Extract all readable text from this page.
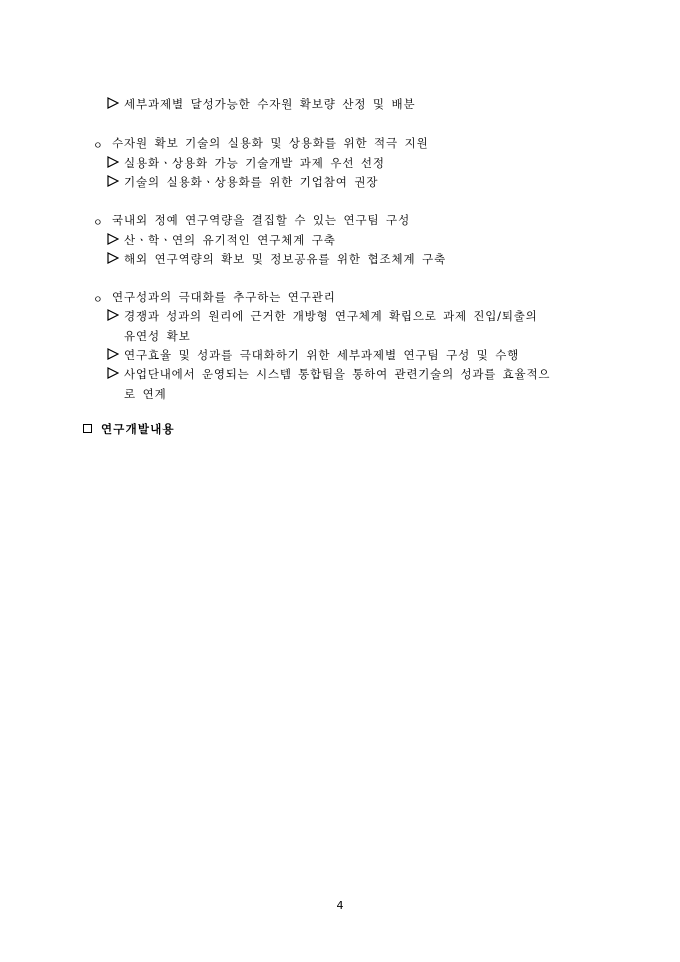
세부과제별 달성가능한 수자원 확보량 산정 및 배분
ㅇ 수자원 확보 기술의 실용화 및 상용화를 위한 적극 지원
실용화ㆍ상용화 가능 기술개발 과제 우선 선정
기술의 실용화ㆍ상용화를 위한 기업참여 권장
ㅇ 국내외 정예 연구역량을 결집할 수 있는 연구팀 구성
산ㆍ학ㆍ연의 유기적인 연구체계 구축
해외 연구역량의 확보 및 정보공유를 위한 협조체계 구축
ㅇ 연구성과의 극대화를 추구하는 연구관리
경쟁과 성과의 원리에 근거한 개방형 연구체계 확립으로 과제 진입/퇴출의
유연성 확보
연구효율 및 성과를 극대화하기 위한 세부과제별 연구팀 구성 및 수행
사업단내에서 운영되는 시스템 통합팀을 통하여 관련기술의 성과를 효율적으
로 연계
연구개발내용
4
